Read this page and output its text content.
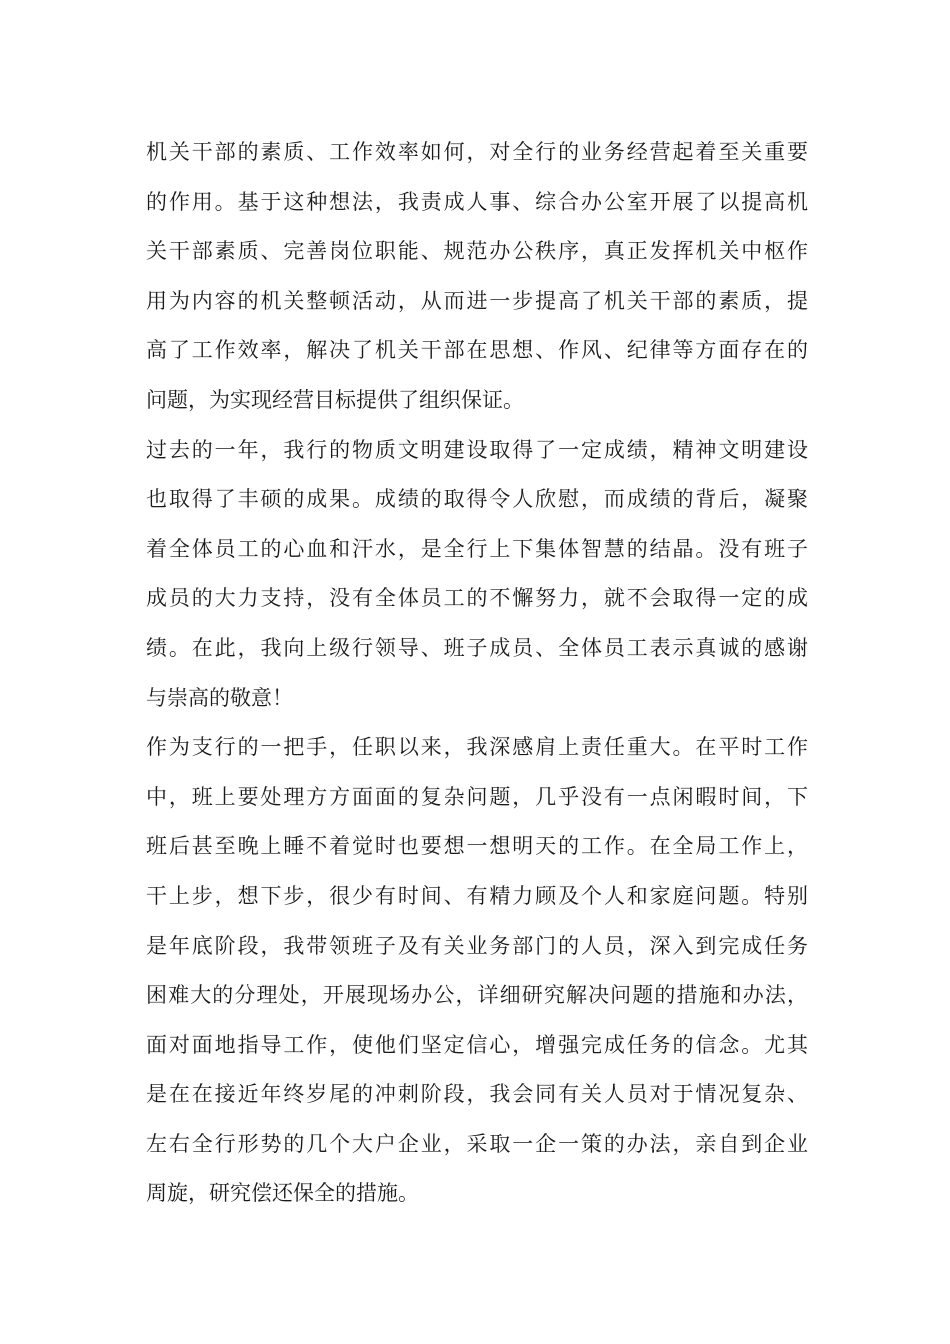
机关干部的素质、工作效率如何，对全行的业务经营起着至关重要
的作用。基于这种想法，我责成人事、综合办公室开展了以提高机
关干部素质、完善岗位职能、规范办公秩序，真正发挥机关中枢作
用为内容的机关整顿活动，从而进一步提高了机关干部的素质，提
高了工作效率，解决了机关干部在思想、作风、纪律等方面存在的
问题，为实现经营目标提供了组织保证。
过去的一年，我行的物质文明建设取得了一定成绩，精神文明建设
也取得了丰硕的成果。成绩的取得令人欣慰，而成绩的背后，凝聚
着全体员工的心血和汗水，是全行上下集体智慧的结晶。没有班子
成员的大力支持，没有全体员工的不懈努力，就不会取得一定的成
绩。在此，我向上级行领导、班子成员、全体员工表示真诚的感谢
与崇高的敬意！
作为支行的一把手，任职以来，我深感肩上责任重大。在平时工作
中，班上要处理方方面面的复杂问题，几乎没有一点闲暇时间，下
班后甚至晚上睡不着觉时也要想一想明天的工作。在全局工作上，
干上步，想下步，很少有时间、有精力顾及个人和家庭问题。特别
是年底阶段，我带领班子及有关业务部门的人员，深入到完成任务
困难大的分理处，开展现场办公，详细研究解决问题的措施和办法，
面对面地指导工作，使他们坚定信心，增强完成任务的信念。尤其
是在在接近年终岁尾的冲刺阶段，我会同有关人员对于情况复杂、
左右全行形势的几个大户企业，采取一企一策的办法，亲自到企业
周旋，研究偿还保全的措施。
